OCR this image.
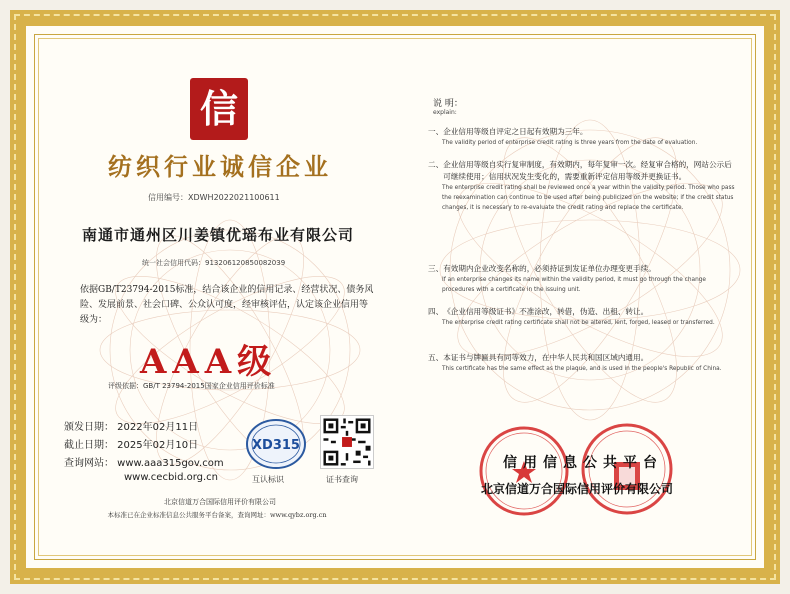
信
纺织行业诚信企业
信用编号：XDWH2022021100611
南通市通州区川姜镇优瑶布业有限公司
统一社会信用代码：91320612085008​2039
依据GB/T23794-2015标准，结合该企业的信用记录、经营状况、债务风险、发展前景、社会口碑、公众认可度，经审核评估，认定该企业信用等级为：
AAA级
评级依据：GB/T 23794-2015国家企业信用评价标准
颁发日期： 2022年02月11日
截止日期： 2025年02月10日
查询网站： www.aaa315gov.com
www.cecbid.org.cn
XD315
互认标识	证书查询
北京信道万合国际信用评价有限公司
本标准已在企业标准信息公共服务平台备案，查询网址：www.qybz.org.cn
说 明：
explain:
一、 企业信用等级自评定之日起有效期为三年。
The validity period of enterprise credit rating is three years from the date of evaluation.
二、 企业信用等级自实行复审制度，有效期内，每年复审一次。经复审合格的，网站公示后可继续使用；信用状况发生变化的，需要重新评定信用等级并更换证书。
The enterprise credit rating shall be reviewed once a year within the validity period. Those who pass the reexamination can continue to be used after being publicized on the website; if the credit status changes, it is necessary to re-evaluate the credit rating and replace the certificate.
三、 有效期内企业改变名称的，必须持证到发证单位办理变更手续。
If an enterprise changes its name within the validity period, it must go through the change procedures with a certificate in the issuing unit.
四、 《企业信用等级证书》不准涂改，转借，伪造、出租、转让。
The enterprise credit rating certificate shall not be altered, lent, forged, leased or transferred.
五、 本证书与牌匾具有同等效力，在中华人民共和国区域内通用。
This certificate has the same effect as the plaque, and is used in the people's Republic of China.
信用信息公共平台
北京信道万合国际信用评价有限公司
